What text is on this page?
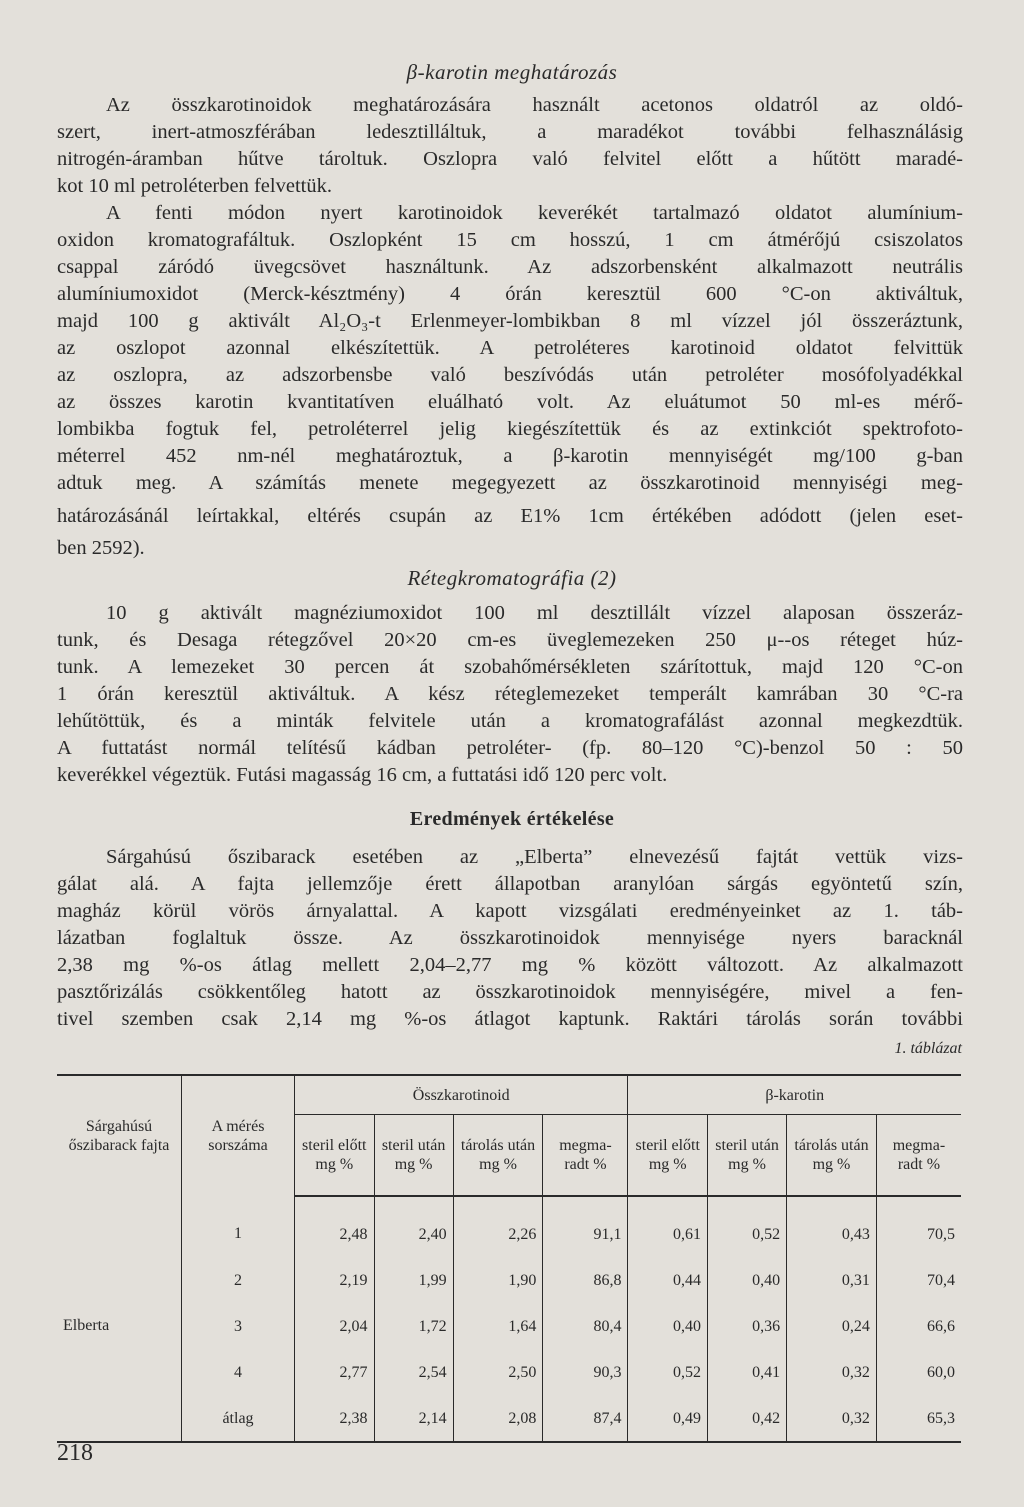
β-karotin meghatározás
Az összkarotinoidok meghatározására használt acetonos oldatról az oldó-
szert, inert-atmoszférában ledesztilláltuk, a maradékot további felhasználásig
nitrogén-áramban hűtve tároltuk. Oszlopra való felvitel előtt a hűtött maradé-
kot 10 ml petroléterben felvettük.
A fenti módon nyert karotinoidok keverékét tartalmazó oldatot alumínium-
oxidon kromatografáltuk. Oszlopként 15 cm hosszú, 1 cm átmérőjú csiszolatos
csappal záródó üvegcsövet használtunk. Az adszorbensként alkalmazott neutrális
alumíniumoxidot (Merck-késztmény) 4 órán keresztül 600 °C-on aktiváltuk,
majd 100 g aktivált Al₂O₃-t Erlenmeyer-lombikban 8 ml vízzel jól összeráztunk,
az oszlopot azonnal elkészítettük. A petroléteres karotinoid oldatot felvittük
az oszlopra, az adszorbensbe való beszívódás után petroléter mosófolyadékkal
az összes karotin kvantitatíven eluálható volt. Az eluátumot 50 ml-es mérő-
lombikba fogtuk fel, petroléterrel jelig kiegészítettük és az extinkciót spektrofoto-
méterrel 452 nm-nél meghatároztuk, a β-karotin mennyiségét mg/100 g-ban
adtuk meg. A számítás menete megegyezett az összkarotinoid mennyiségi meg-
határozásánál leírtakkal, eltérés csupán az E1% 1cm értékében adódott (jelen eset-
ben 2592).
Rétegkromatográfia (2)
10 g aktivált magnéziumoxidot 100 ml desztillált vízzel alaposan összeráz-
tunk, és Desaga rétegzővel 20×20 cm-es üveglemezeken 250 μ--os réteget húz-
tunk. A lemezeket 30 percen át szobahőmérsékleten szárítottuk, majd 120 °C-on
1 órán keresztül aktiváltuk. A kész réteglemezeket temperált kamrában 30 °C-ra
lehűtöttük, és a minták felvitele után a kromatografálást azonnal megkezdtük.
A futtatást normál telítésű kádban petroléter- (fp. 80–120 °C)-benzol 50 : 50
keverékkel végeztük. Futási magasság 16 cm, a futtatási idő 120 perc volt.
Eredmények értékelése
Sárgahúsú őszibarack esetében az „Elberta” elnevezésű fajtát vettük vizs-
gálat alá. A fajta jellemzője érett állapotban aranylóan sárgás egyöntetű szín,
magház körül vörös árnyalattal. A kapott vizsgálati eredményeinket az 1. táb-
lázatban foglaltuk össze. Az összkarotinoidok mennyisége nyers baracknál
2,38 mg %-os átlag mellett 2,04–2,77 mg % között változott. Az alkalmazott
pasztőrizálás csökkentőleg hatott az összkarotinoidok mennyiségére, mivel a fen-
tivel szemben csak 2,14 mg %-os átlagot kaptunk. Raktári tárolás során további
1. táblázat
Sárgahúsú őszibarack fajta	A mérés sorszáma	Összkarotinoid				β-karotin			
		steril előtt mg %	steril után mg %	tárolás után mg %	megma-radt %	steril előtt mg %	steril után mg %	tárolás után mg %	megma-radt %
Elberta	1	2,48	2,40	2,26	91,1	0,61	0,52	0,43	70,5
	2	2,19	1,99	1,90	86,8	0,44	0,40	0,31	70,4
	3	2,04	1,72	1,64	80,4	0,40	0,36	0,24	66,6
	4	2,77	2,54	2,50	90,3	0,52	0,41	0,32	60,0
	átlag	2,38	2,14	2,08	87,4	0,49	0,42	0,32	65,3
218
